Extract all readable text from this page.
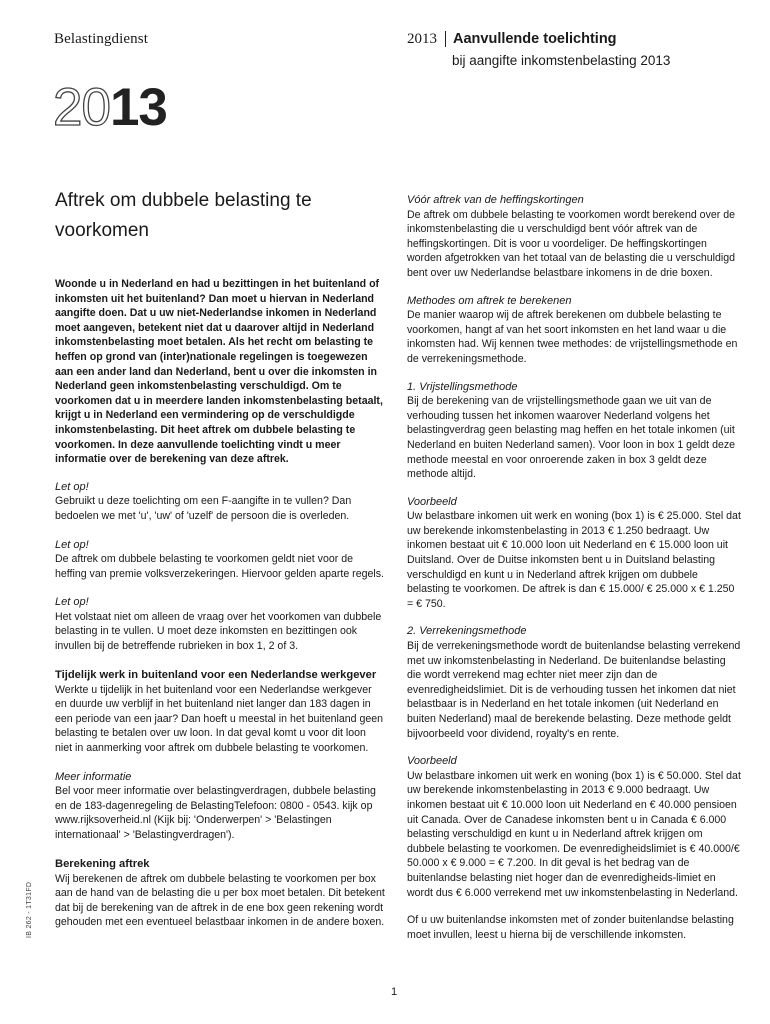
Belastingdienst	2013 Aanvullende toelichting
bij aangifte inkomstenbelasting 2013
2013
Aftrek om dubbele belasting te voorkomen

Woonde u in Nederland en had u bezittingen in het buitenland of inkomsten uit het buitenland? Dan moet u hiervan in Nederland aangifte doen. Dat u uw niet-Nederlandse inkomen in Nederland moet aangeven, betekent niet dat u daarover altijd in Nederland inkomstenbelasting moet betalen. Als het recht om belasting te heffen op grond van (inter)nationale regelingen is toegewezen aan een ander land dan Nederland, bent u over die inkomsten in Nederland geen inkomstenbelasting verschuldigd. Om te voorkomen dat u in meerdere landen inkomstenbelasting betaalt, krijgt u in Nederland een vermindering op de verschuldigde inkomstenbelasting. Dit heet aftrek om dubbele belasting te voorkomen. In deze aanvullende toelichting vindt u meer informatie over de berekening van deze aftrek.

Let op!

Gebruikt u deze toelichting om een F-aangifte in te vullen? Dan bedoelen we met 'u', 'uw' of 'uzelf' de persoon die is overleden.

Let op!

De aftrek om dubbele belasting te voorkomen geldt niet voor de heffing van premie volksverzekeringen. Hiervoor gelden aparte regels.

Let op!

Het volstaat niet om alleen de vraag over het voorkomen van dubbele belasting in te vullen. U moet deze inkomsten en bezittingen ook invullen bij de betreffende rubrieken in box 1, 2 of 3.

Tijdelijk werk in buitenland voor een Nederlandse werkgever

Werkte u tijdelijk in het buitenland voor een Nederlandse werkgever en duurde uw verblijf in het buitenland niet langer dan 183 dagen in een periode van een jaar? Dan hoeft u meestal in het buitenland geen belasting te betalen over uw loon. In dat geval komt u voor dit loon niet in aanmerking voor aftrek om dubbele belasting te voorkomen.

Meer informatie

Bel voor meer informatie over belastingverdragen, dubbele belasting en de 183-dagenregeling de BelastingTelefoon: 0800 - 0543. kijk op www.rijksoverheid.nl (Kijk bij: 'Onderwerpen' > 'Belastingen internationaal' > 'Belastingverdragen').

Berekening aftrek

Wij berekenen de aftrek om dubbele belasting te voorkomen per box aan de hand van de belasting die u per box moet betalen. Dit betekent dat bij de berekening van de aftrek in de ene box geen rekening wordt gehouden met een eventueel belastbaar inkomen in de andere boxen.

Vóór aftrek van de heffingskortingen

De aftrek om dubbele belasting te voorkomen wordt berekend over de inkomstenbelasting die u verschuldigd bent vóór aftrek van de heffingskortingen. Dit is voor u voordeliger. De heffingskortingen worden afgetrokken van het totaal van de belasting die u verschuldigd bent over uw Nederlandse belastbare inkomens in de drie boxen.

Methodes om aftrek te berekenen

De manier waarop wij de aftrek berekenen om dubbele belasting te voorkomen, hangt af van het soort inkomsten en het land waar u die inkomsten had. Wij kennen twee methodes: de vrijstellingsmethode en de verrekeningsmethode.

1. Vrijstellingsmethode

Bij de berekening van de vrijstellingsmethode gaan we uit van de verhouding tussen het inkomen waarover Nederland volgens het belastingverdrag geen belasting mag heffen en het totale inkomen (uit Nederland en buiten Nederland samen). Voor loon in box 1 geldt deze methode meestal en voor onroerende zaken in box 3 geldt deze methode altijd.

Voorbeeld

Uw belastbare inkomen uit werk en woning (box 1) is € 25.000. Stel dat uw berekende inkomstenbelasting in 2013 € 1.250 bedraagt. Uw inkomen bestaat uit € 10.000 loon uit Nederland en € 15.000 loon uit Duitsland. Over de Duitse inkomsten bent u in Duitsland belasting verschuldigd en kunt u in Nederland aftrek krijgen om dubbele belasting te voorkomen. De aftrek is dan € 15.000/ € 25.000 x € 1.250 = € 750.

2. Verrekeningsmethode

Bij de verrekeningsmethode wordt de buitenlandse belasting verrekend met uw inkomstenbelasting in Nederland. De buitenlandse belasting die wordt verrekend mag echter niet meer zijn dan de evenredigheidslimiet. Dit is de verhouding tussen het inkomen dat niet belastbaar is in Nederland en het totale inkomen (uit Nederland en buiten Nederland) maal de berekende belasting. Deze methode geldt bijvoorbeeld voor dividend, royalty's en rente.

Voorbeeld

Uw belastbare inkomen uit werk en woning (box 1) is € 50.000. Stel dat uw berekende inkomstenbelasting in 2013 € 9.000 bedraagt. Uw inkomen bestaat uit € 10.000 loon uit Nederland en € 40.000 pensioen uit Canada. Over de Canadese inkomsten bent u in Canada € 6.000 belasting verschuldigd en kunt u in Nederland aftrek krijgen om dubbele belasting te voorkomen. De evenredigheidslimiet is € 40.000/€ 50.000 x € 9.000 = € 7.200. In dit geval is het bedrag van de buitenlandse belasting niet hoger dan de evenredigheids-limiet en wordt dus € 6.000 verrekend met uw inkomstenbelasting in Nederland.

Of u uw buitenlandse inkomsten met of zonder buitenlandse belasting moet invullen, leest u hierna bij de verschillende inkomsten.

IB 262 - 1T31FD
1
